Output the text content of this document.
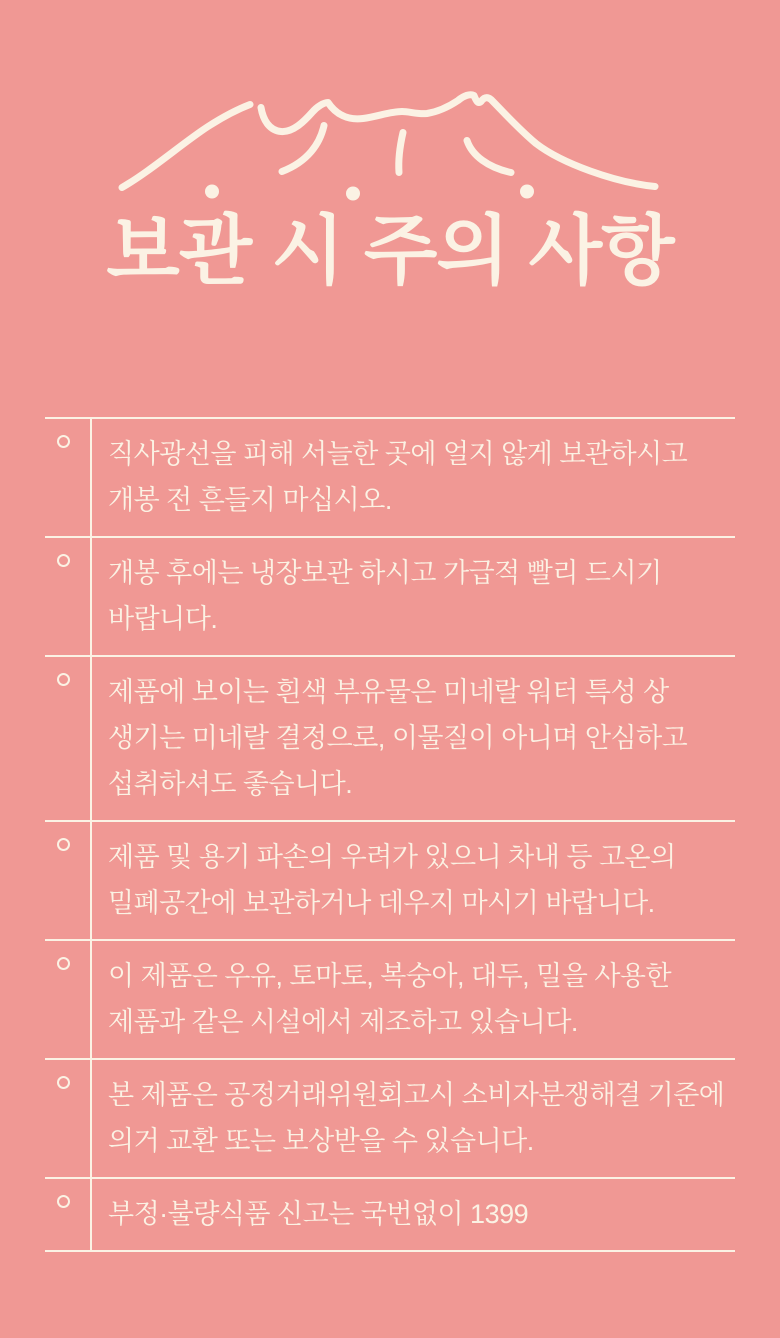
보관 시 주의 사항
직사광선을 피해 서늘한 곳에 얼지 않게 보관하시고 개봉 전 흔들지 마십시오.
개봉 후에는 냉장보관 하시고 가급적 빨리 드시기 바랍니다.
제품에 보이는 흰색 부유물은 미네랄 워터 특성 상 생기는 미네랄 결정으로, 이물질이 아니며 안심하고 섭취하셔도 좋습니다.
제품 및 용기 파손의 우려가 있으니 차내 등 고온의 밀폐공간에 보관하거나 데우지 마시기 바랍니다.
이 제품은 우유, 토마토, 복숭아, 대두, 밀을 사용한 제품과 같은 시설에서 제조하고 있습니다.
본 제품은 공정거래위원회고시 소비자분쟁해결 기준에 의거 교환 또는 보상받을 수 있습니다.
부정·불량식품 신고는 국번없이 1399
